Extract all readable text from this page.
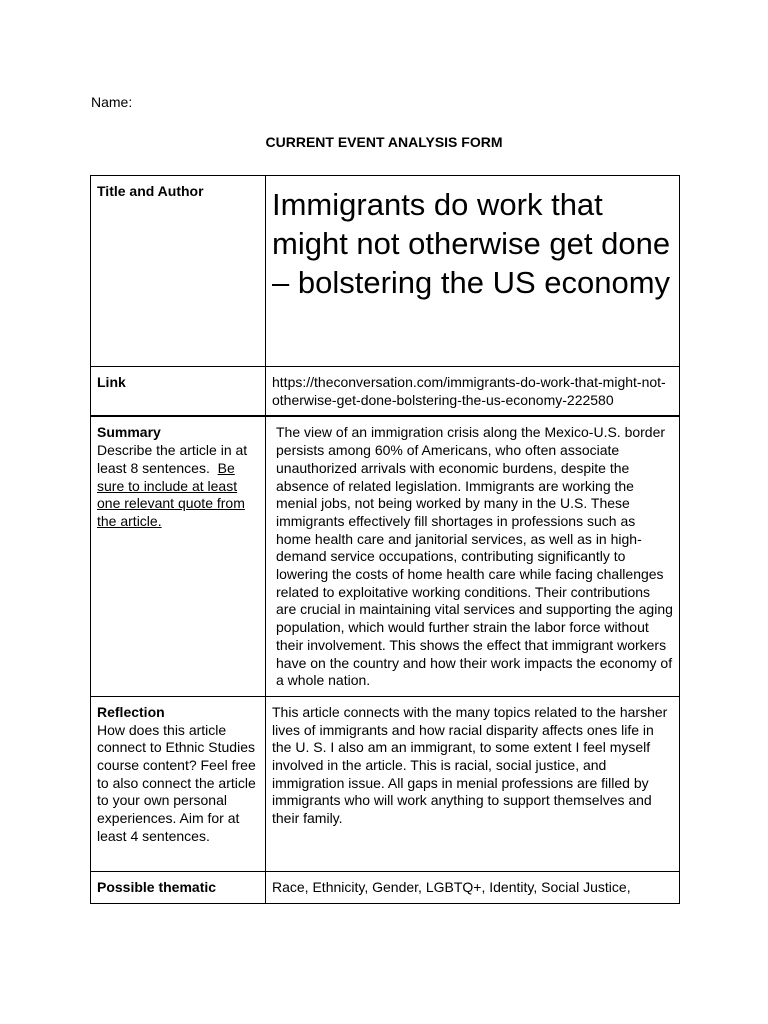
Name:
CURRENT EVENT ANALYSIS FORM
Title and Author	Immigrants do work that might not otherwise get done – bolstering the US economy

Link	https://theconversation.com/immigrants-do-work-that-might-not-otherwise-get-done-bolstering-the-us-economy-222580

Summary
Describe the article in at least 8 sentences. Be sure to include at least one relevant quote from the article.	The view of an immigration crisis along the Mexico-U.S. border persists among 60% of Americans, who often associate unauthorized arrivals with economic burdens, despite the absence of related legislation. Immigrants are working the menial jobs, not being worked by many in the U.S. These immigrants effectively fill shortages in professions such as home health care and janitorial services, as well as in high-demand service occupations, contributing significantly to lowering the costs of home health care while facing challenges related to exploitative working conditions. Their contributions are crucial in maintaining vital services and supporting the aging population, which would further strain the labor force without their involvement. This shows the effect that immigrant workers have on the country and how their work impacts the economy of a whole nation.

Reflection
How does this article connect to Ethnic Studies course content? Feel free to also connect the article to your own personal experiences. Aim for at least 4 sentences.	This article connects with the many topics related to the harsher lives of immigrants and how racial disparity affects ones life in the U. S. I also am an immigrant, to some extent I feel myself involved in the article. This is racial, social justice, and immigration issue. All gaps in menial professions are filled by immigrants who will work anything to support themselves and their family.

Possible thematic	Race, Ethnicity, Gender, LGBTQ+, Identity, Social Justice,
